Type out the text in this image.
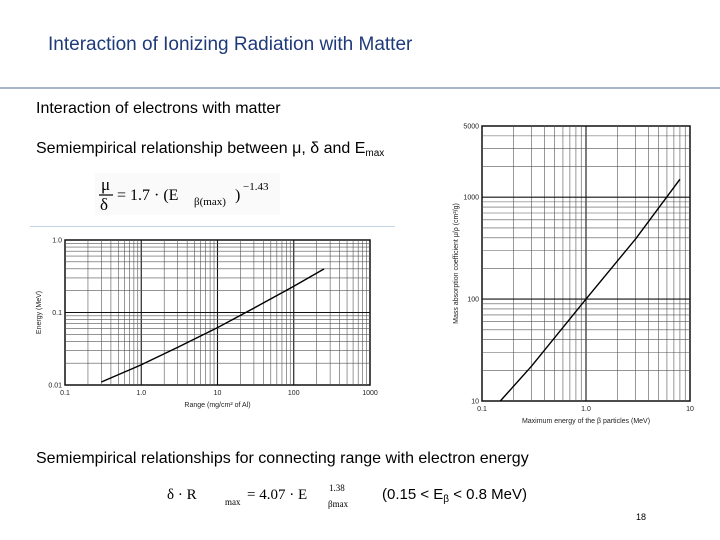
Interaction of Ionizing Radiation with Matter
Interaction of electrons with matter
Semiempirical relationship between μ, δ and $E_{max}$
μ
δ = 1.7 · (E β(max) ) −1.43
0.1	1.0	10	100	1000
1.0
0.1
0.01
Range (mg/cm² of Al)
Energy (MeV)
0.1	1.0	10
5000
1000
100
10
Maximum energy of the β particles (MeV)
Mass absorption coefficient μ/ρ (cm²/g)
Semiempirical relationships for connecting range with electron energy
δ · R	max = 4.07 · E 1.38
βmax
($0.15 < E_\beta < 0.8$ MeV)
18
